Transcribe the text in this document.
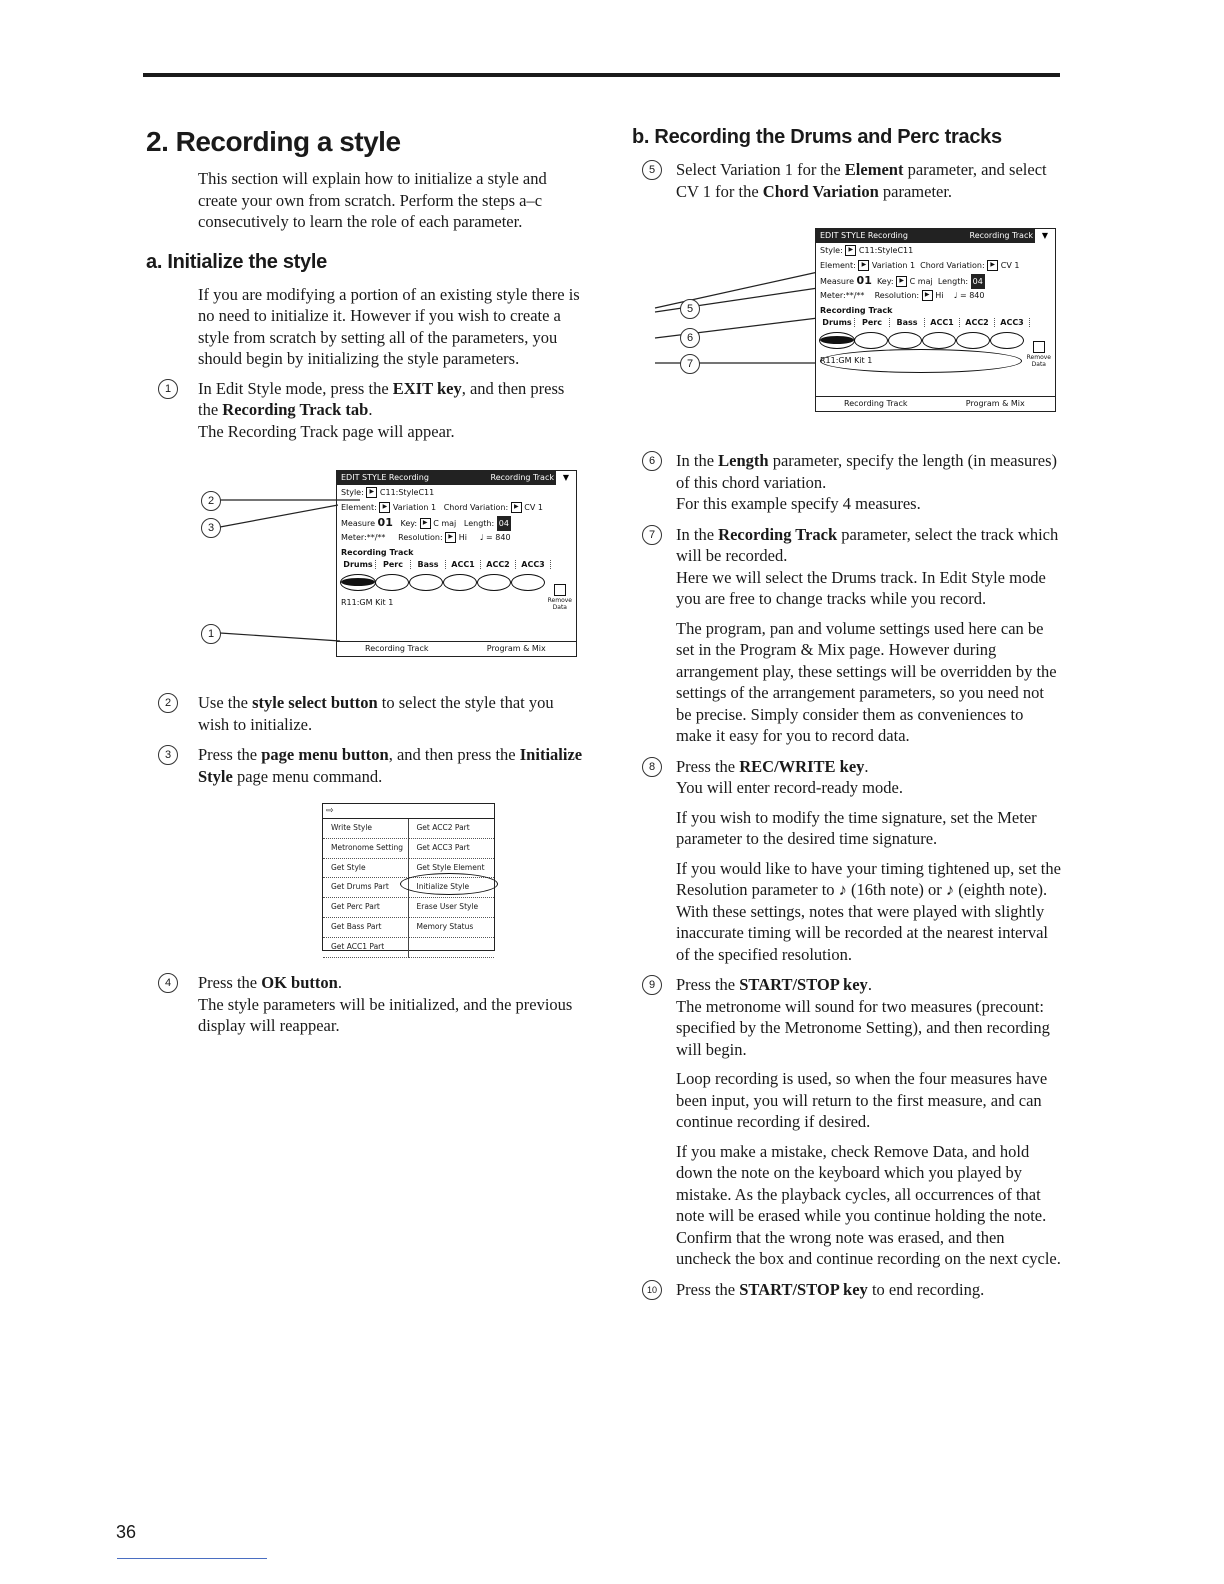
2. Recording a style

This section will explain how to initialize a style and create your own from scratch. Perform the steps a–c consecutively to learn the role of each parameter.

a. Initialize the style

If you are modifying a portion of an existing style there is no need to initialize it. However if you wish to create a style from scratch by setting all of the parameters, you should begin by initializing the style parameters.

1	In Edit Style mode, press the EXIT key, and then press the Recording Track tab.

The Recording Track page will appear.

EDIT STYLE Recording	Recording Track	▼
Style: ▶ C11:StyleC11
Element: ▶ Variation 1 Chord Variation: ▶ CV 1
Measure 01 Key: ▶ C maj Length: 04
Meter:**/** Resolution: ▶ Hi ♩ = 840
Recording Track
Drums	Perc	Bass	ACC1	ACC2	ACC3
Remove
Data
R11:GM Kit 1
Recording Track	Program & Mix
2
3
1
2	Use the style select button to select the style that you wish to initialize.

3	Press the page menu button, and then press the Initialize Style page menu command.

⇨
Write Style	Get ACC2 Part
Metronome Setting	Get ACC3 Part
Get Style	Get Style Element
Get Drums Part	Initialize Style
Get Perc Part	Erase User Style
Get Bass Part	Memory Status
Get ACC1 Part
4	Press the OK button.

The style parameters will be initialized, and the previous display will reappear.

b. Recording the Drums and Perc tracks
5	Select Variation 1 for the Element parameter, and select CV 1 for the Chord Variation parameter.

EDIT STYLE Recording	Recording Track	▼
Style: ▶ C11:StyleC11
Element: ▶ Variation 1 Chord Variation: ▶ CV 1
Measure 01 Key: ▶ C maj Length: 04
Meter:**/** Resolution: ▶ Hi ♩ = 840
Recording Track
Drums	Perc	Bass	ACC1	ACC2	ACC3
Remove
Data
R11:GM Kit 1
Recording Track	Program & Mix
5
6
7
6	In the Length parameter, specify the length (in measures) of this chord variation.

For this example specify 4 measures.

7	In the Recording Track parameter, select the track which will be recorded.

Here we will select the Drums track. In Edit Style mode you are free to change tracks while you record.

The program, pan and volume settings used here can be set in the Program & Mix page. However during arrangement play, these settings will be overridden by the settings of the arrangement parameters, so you need not be precise. Simply consider them as conveniences to make it easy for you to record data.

8	Press the REC/WRITE key.

You will enter record-ready mode.

If you wish to modify the time signature, set the Meter parameter to the desired time signature.

If you would like to have your timing tightened up, set the Resolution parameter to ♪ (16th note) or ♪ (eighth note). With these settings, notes that were played with slightly inaccurate timing will be recorded at the nearest interval of the specified resolution.

9	Press the START/STOP key.

The metronome will sound for two measures (precount: specified by the Metronome Setting), and then recording will begin.

Loop recording is used, so when the four measures have been input, you will return to the first measure, and can continue recording if desired.

If you make a mistake, check Remove Data, and hold down the note on the keyboard which you played by mistake. As the playback cycles, all occurrences of that note will be erased while you continue holding the note. Confirm that the wrong note was erased, and then uncheck the box and continue recording on the next cycle.

10	Press the START/STOP key to end recording.

36
